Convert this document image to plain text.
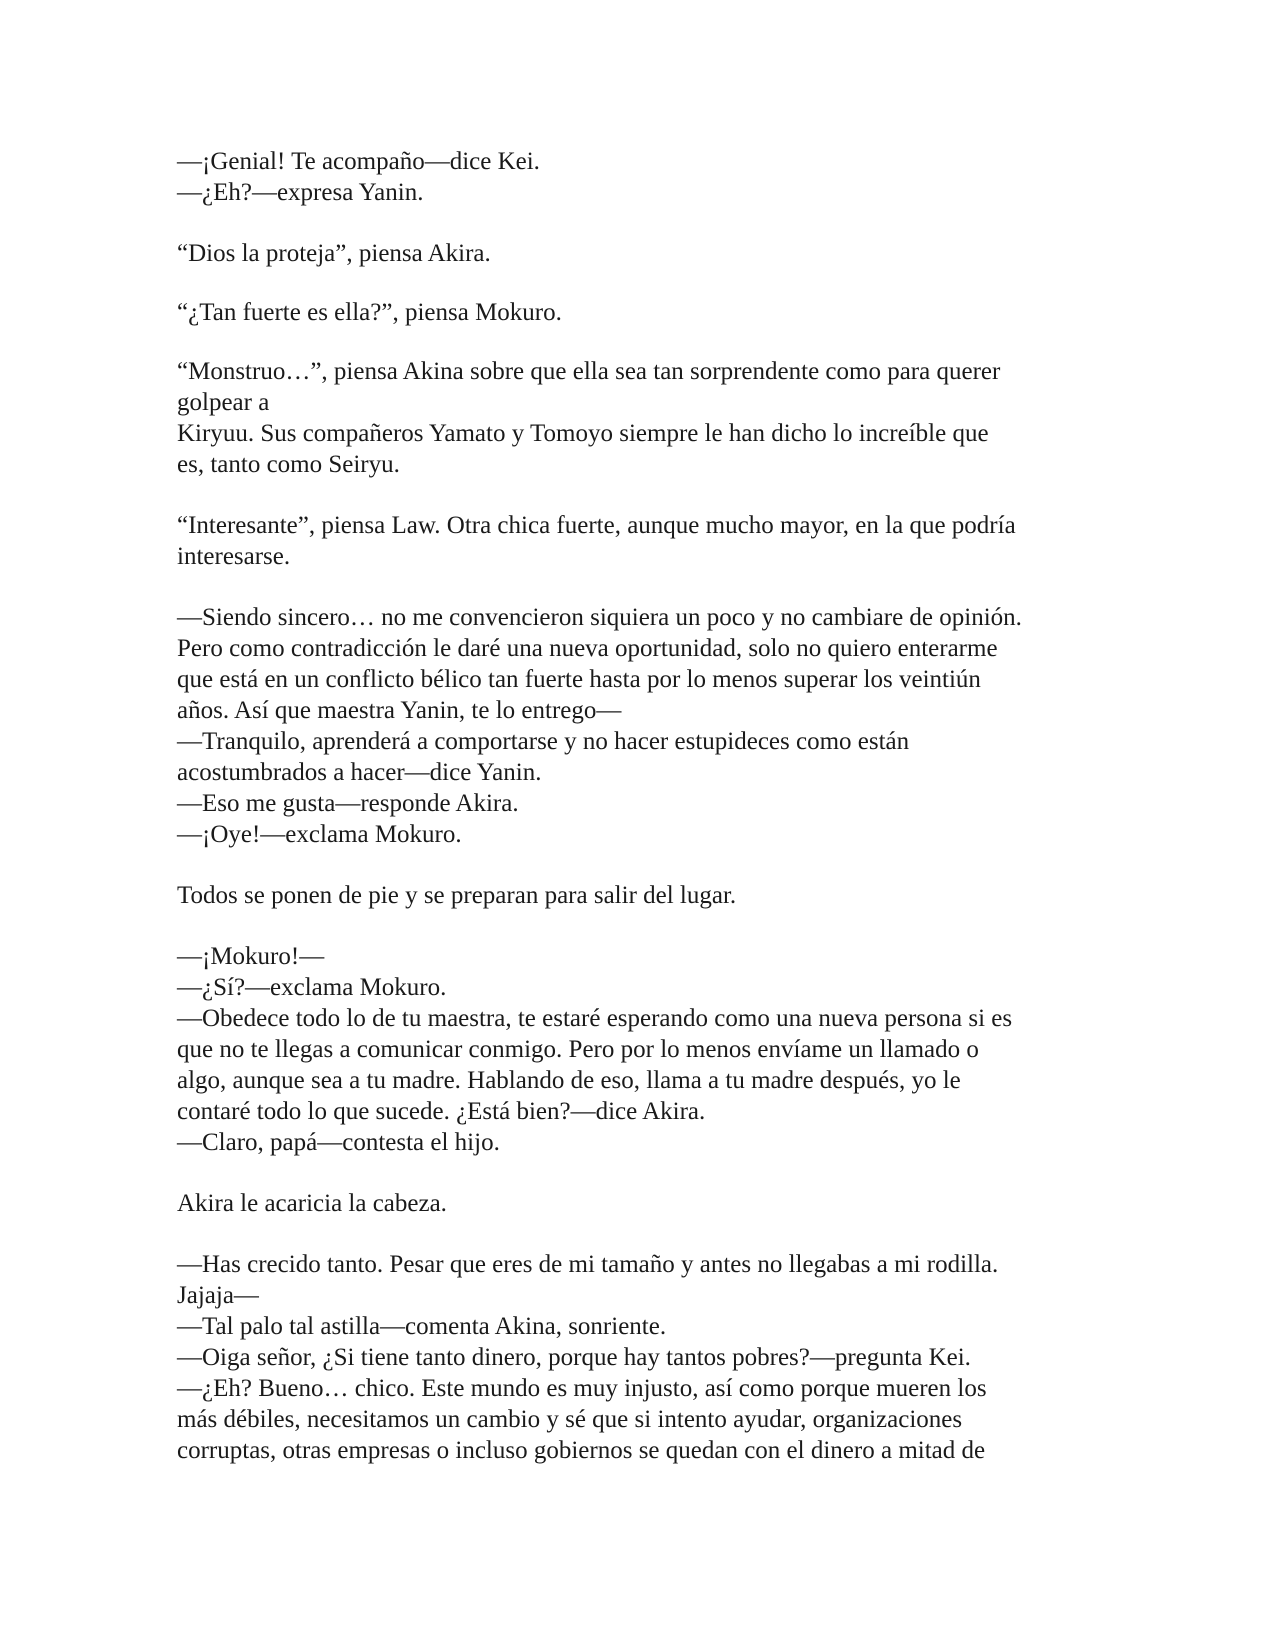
—¡Genial! Te acompaño—dice Kei.
—¿Eh?—expresa Yanin.
“Dios la proteja”, piensa Akira.
“¿Tan fuerte es ella?”, piensa Mokuro.
“Monstruo…”, piensa Akina sobre que ella sea tan sorprendente como para querer
golpear a
Kiryuu. Sus compañeros Yamato y Tomoyo siempre le han dicho lo increíble que
es, tanto como Seiryu.
“Interesante”, piensa Law. Otra chica fuerte, aunque mucho mayor, en la que podría
interesarse.
—Siendo sincero… no me convencieron siquiera un poco y no cambiare de opinión.
Pero como contradicción le daré una nueva oportunidad, solo no quiero enterarme
que está en un conflicto bélico tan fuerte hasta por lo menos superar los veintiún
años. Así que maestra Yanin, te lo entrego—
—Tranquilo, aprenderá a comportarse y no hacer estupideces como están
acostumbrados a hacer—dice Yanin.
—Eso me gusta—responde Akira.
—¡Oye!—exclama Mokuro.
Todos se ponen de pie y se preparan para salir del lugar.
—¡Mokuro!—
—¿Sí?—exclama Mokuro.
—Obedece todo lo de tu maestra, te estaré esperando como una nueva persona si es
que no te llegas a comunicar conmigo. Pero por lo menos envíame un llamado o
algo, aunque sea a tu madre. Hablando de eso, llama a tu madre después, yo le
contaré todo lo que sucede. ¿Está bien?—dice Akira.
—Claro, papá—contesta el hijo.
Akira le acaricia la cabeza.
—Has crecido tanto. Pesar que eres de mi tamaño y antes no llegabas a mi rodilla.
Jajaja—
—Tal palo tal astilla—comenta Akina, sonriente.
—Oiga señor, ¿Si tiene tanto dinero, porque hay tantos pobres?—pregunta Kei.
—¿Eh? Bueno… chico. Este mundo es muy injusto, así como porque mueren los
más débiles, necesitamos un cambio y sé que si intento ayudar, organizaciones
corruptas, otras empresas o incluso gobiernos se quedan con el dinero a mitad de
